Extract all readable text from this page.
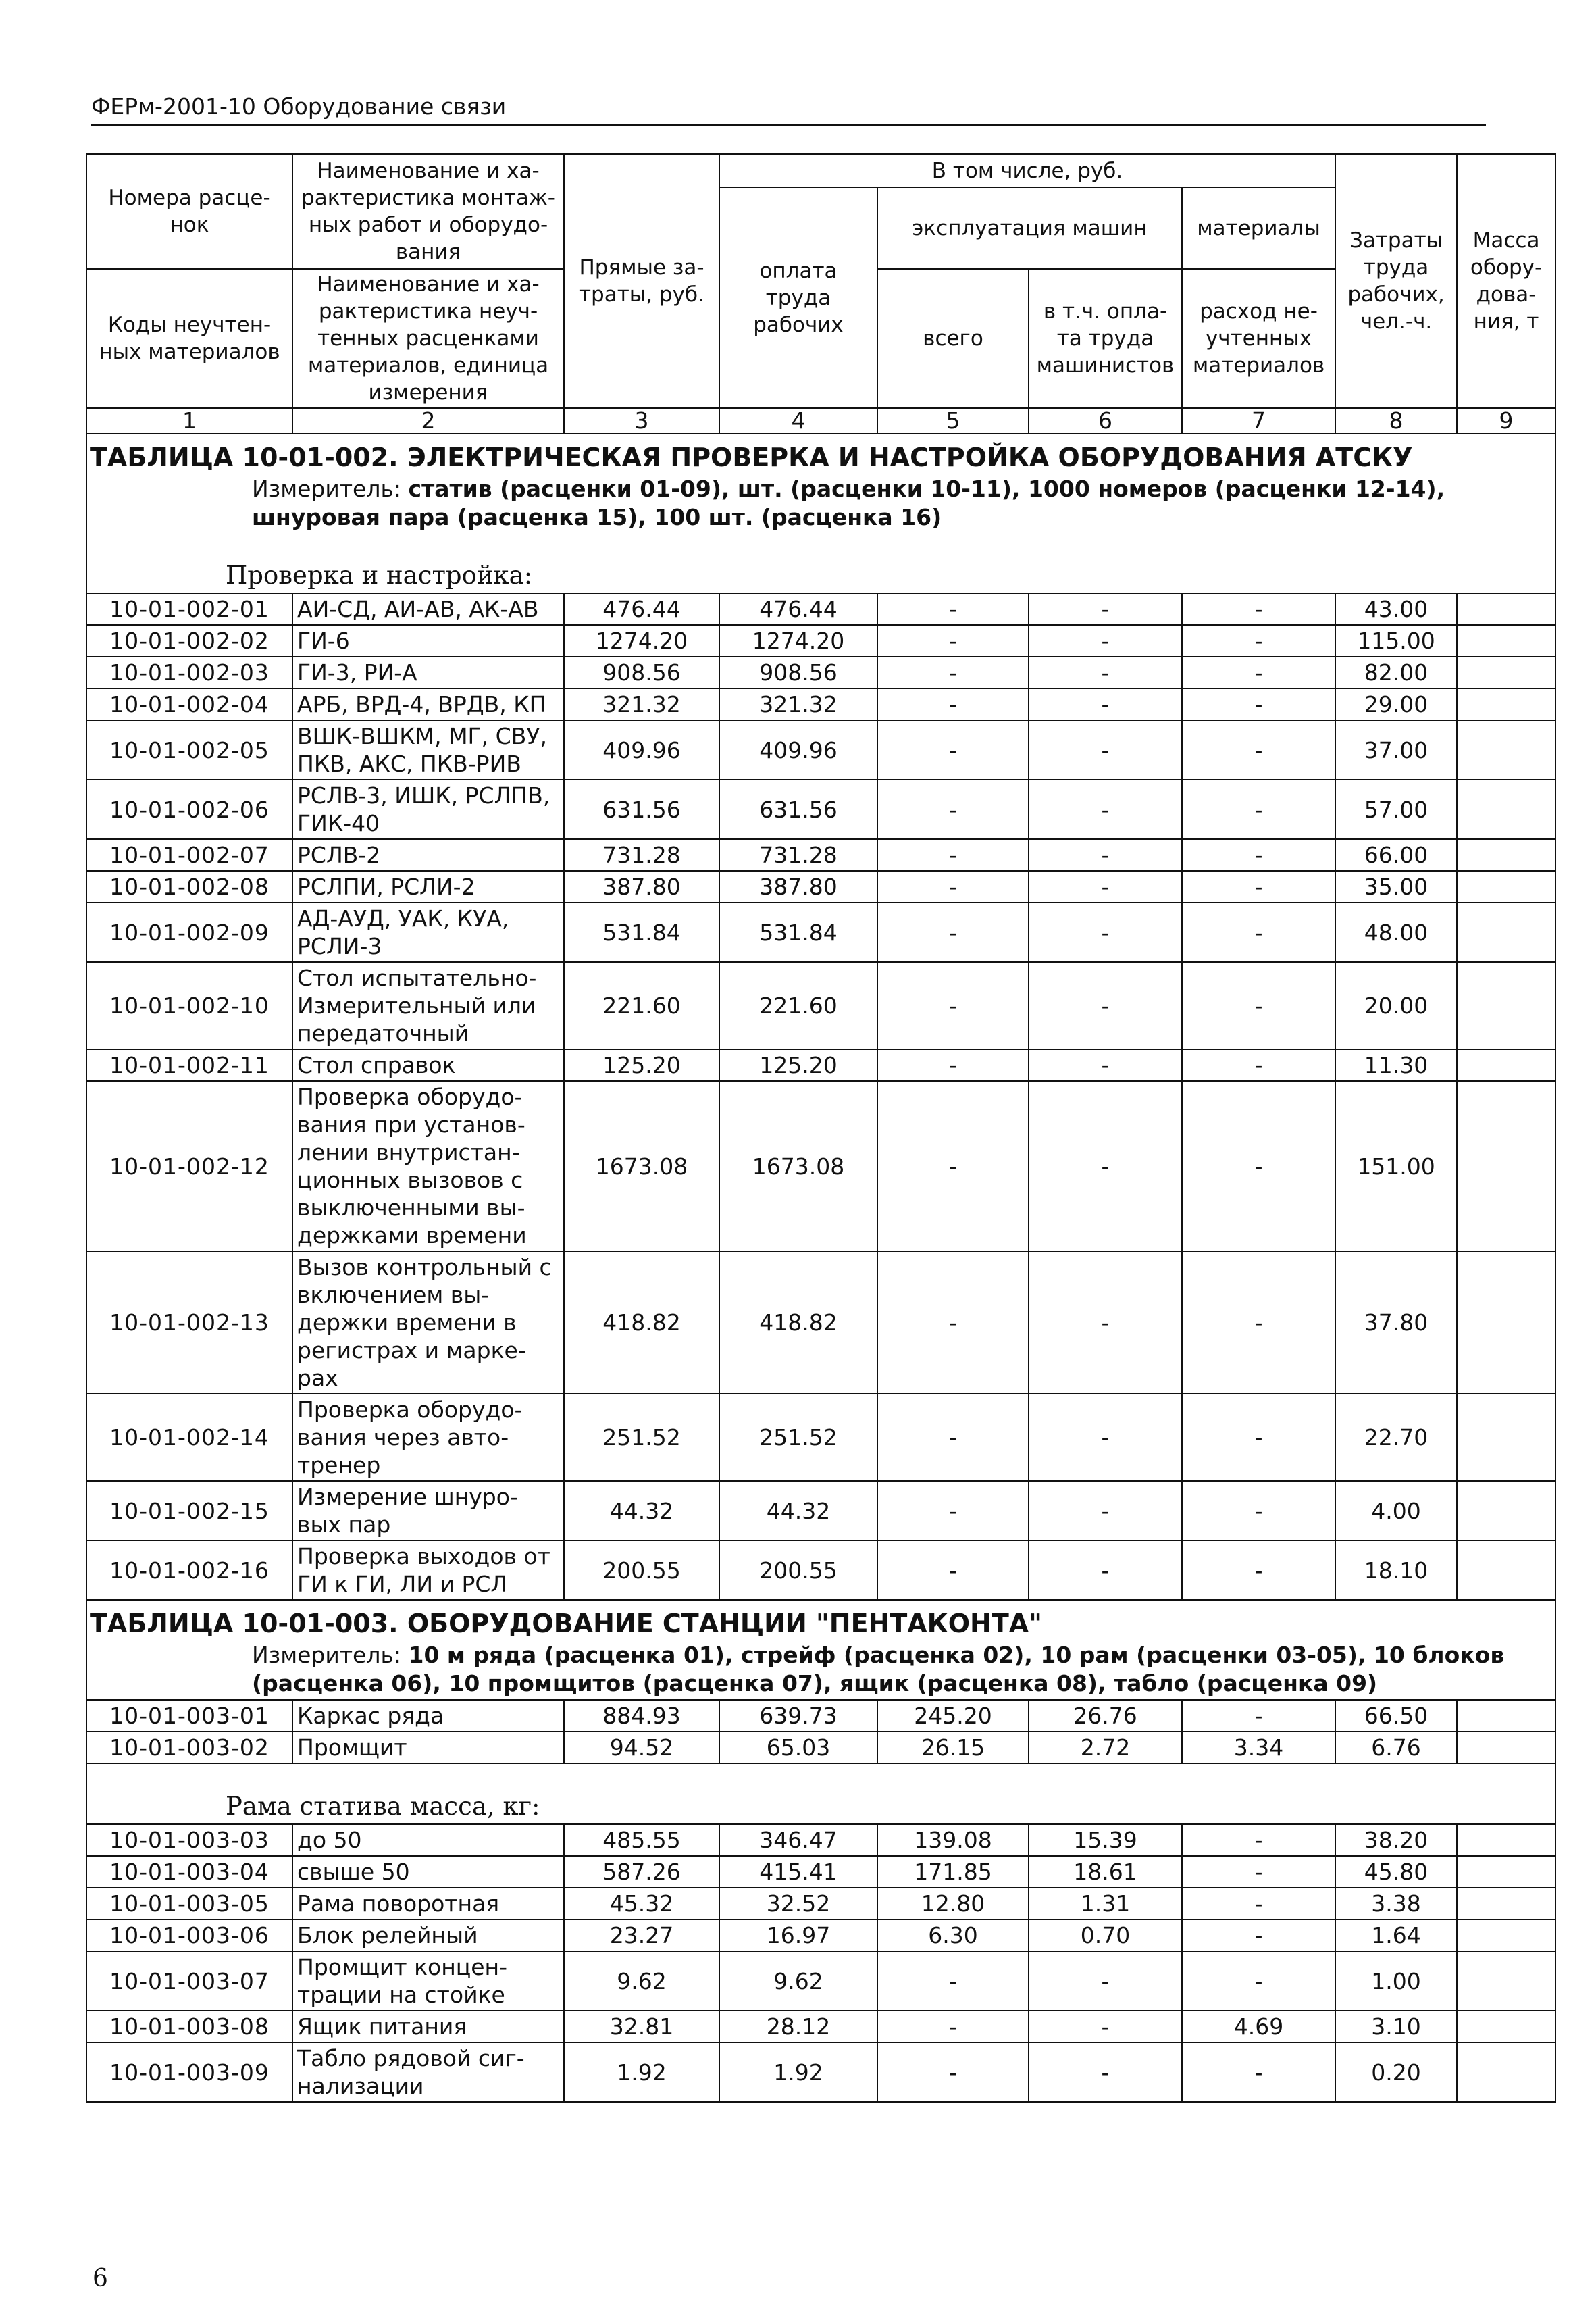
ФЕРм-2001-10 Оборудование связи
Номера расце-нок	Наименование и ха-рактеристика монтаж-ных работ и оборудо-вания	Прямые за-траты, руб.	В том числе, руб.				Затраты труда рабочих, чел.-ч.	Масса обору-дова-ния, т
			оплата труда рабочих	эксплуатация машин		материалы		
Коды неучтен-ных материалов	Наименование и ха-рактеристика неуч-тенных расценками материалов, единица измерения			всего	в т.ч. опла-та труда машинистов	расход не-учтенных материалов		

1	2	3	4	5	6	7	8	9

ТАБЛИЦА 10-01-002. ЭЛЕКТРИЧЕСКАЯ ПРОВЕРКА И НАСТРОЙКА ОБОРУДОВАНИЯ АТСКУ
Измеритель: статив (расценки 01-09), шт. (расценки 10-11), 1000 номеров (расценки 12-14), шнуровая пара (расценка 15), 100 шт. (расценка 16)								

Проверка и настройка:								
10-01-002-01	АИ-СД, АИ-АВ, АК-АВ	476.44	476.44	-	-	-	43.00	
10-01-002-02	ГИ-6	1274.20	1274.20	-	-	-	115.00	
10-01-002-03	ГИ-3, РИ-А	908.56	908.56	-	-	-	82.00	
10-01-002-04	АРБ, ВРД-4, ВРДВ, КП	321.32	321.32	-	-	-	29.00	
10-01-002-05	ВШК-ВШКМ, МГ, СВУ, ПКВ, АКС, ПКВ-РИВ	409.96	409.96	-	-	-	37.00	
10-01-002-06	РСЛВ-3, ИШК, РСЛПВ, ГИК-40	631.56	631.56	-	-	-	57.00	
10-01-002-07	РСЛВ-2	731.28	731.28	-	-	-	66.00	
10-01-002-08	РСЛПИ, РСЛИ-2	387.80	387.80	-	-	-	35.00	
10-01-002-09	АД-АУД, УАК, КУА, РСЛИ-3	531.84	531.84	-	-	-	48.00	
10-01-002-10	Стол испытательно-Измерительный или передаточный	221.60	221.60	-	-	-	20.00	
10-01-002-11	Стол справок	125.20	125.20	-	-	-	11.30	
10-01-002-12	Проверка оборудо-вания при установ-лении внутристан-ционных вызовов с выключенными вы-держками времени	1673.08	1673.08	-	-	-	151.00	
10-01-002-13	Вызов контрольный с включением вы-держки времени в регистрах и марке-рах	418.82	418.82	-	-	-	37.80	
10-01-002-14	Проверка оборудо-вания через авто-тренер	251.52	251.52	-	-	-	22.70	
10-01-002-15	Измерение шнуро-вых пар	44.32	44.32	-	-	-	4.00	
10-01-002-16	Проверка выходов от ГИ к ГИ, ЛИ и РСЛ	200.55	200.55	-	-	-	18.10	

ТАБЛИЦА 10-01-003. ОБОРУДОВАНИЕ СТАНЦИИ "ПЕНТАКОНТА"
Измеритель: 10 м ряда (расценка 01), стрейф (расценка 02), 10 рам (расценки 03-05), 10 блоков (расценка 06), 10 промщитов (расценка 07), ящик (расценка 08), табло (расценка 09)								

10-01-003-01	Каркас ряда	884.93	639.73	245.20	26.76	-	66.50	
10-01-003-02	Промщит	94.52	65.03	26.15	2.72	3.34	6.76	
Рама статива масса, кг:								
10-01-003-03	до 50	485.55	346.47	139.08	15.39	-	38.20	
10-01-003-04	свыше 50	587.26	415.41	171.85	18.61	-	45.80	
10-01-003-05	Рама поворотная	45.32	32.52	12.80	1.31	-	3.38	
10-01-003-06	Блок релейный	23.27	16.97	6.30	0.70	-	1.64	
10-01-003-07	Промщит концен-трации на стойке	9.62	9.62	-	-	-	1.00	
10-01-003-08	Ящик питания	32.81	28.12	-	-	4.69	3.10	
10-01-003-09	Табло рядовой сиг-нализации	1.92	1.92	-	-	-	0.20	
6
